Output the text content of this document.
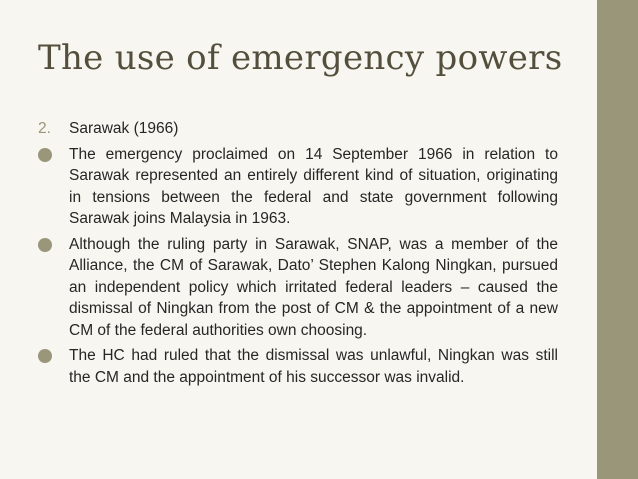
The use of emergency powers
2. Sarawak (1966)
The emergency proclaimed on 14 September 1966 in relation to Sarawak represented an entirely different kind of situation, originating in tensions between the federal and state government following Sarawak joins Malaysia in 1963.
Although the ruling party in Sarawak, SNAP, was a member of the Alliance, the CM of Sarawak, Dato’ Stephen Kalong Ningkan, pursued an independent policy which irritated federal leaders – caused the dismissal of Ningkan from the post of CM & the appointment of a new CM of the federal authorities own choosing.
The HC had ruled that the dismissal was unlawful, Ningkan was still the CM and the appointment of his successor was invalid.
